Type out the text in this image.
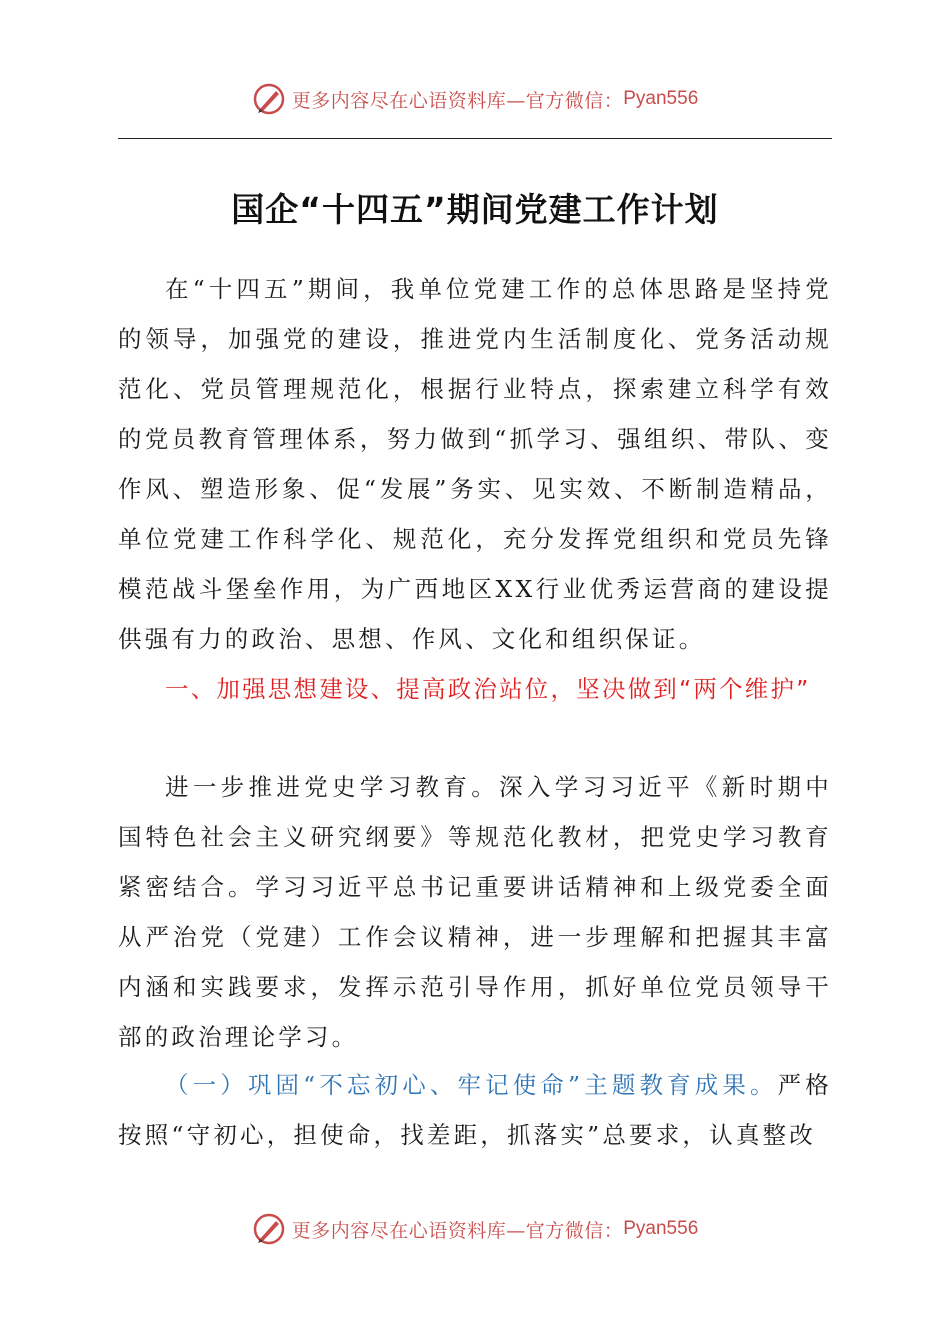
更多内容尽在心语资料库—官方微信： Pyan556
国企“十四五”期间党建工作计划

在“十四五”期间，我单位党建工作的总体思路是坚持党的领导，加强党的建设，推进党内生活制度化、党务活动规范化、党员管理规范化，根据行业特点，探索建立科学有效的党员教育管理体系，努力做到“抓学习、强组织、带队、变作风、塑造形象、促“发展”务实、见实效、不断制造精品，单位党建工作科学化、规范化，充分发挥党组织和党员先锋模范战斗堡垒作用，为广西地区XX行业优秀运营商的建设提供强有力的政治、思想、作风、文化和组织保证。

一、加强思想建设、提高政治站位，坚决做到“两个维护”

进一步推进党史学习教育。深入学习习近平《新时期中国特色社会主义研究纲要》等规范化教材，把党史学习教育紧密结合。学习习近平总书记重要讲话精神和上级党委全面从严治党（党建）工作会议精神，进一步理解和把握其丰富内涵和实践要求，发挥示范引导作用，抓好单位党员领导干部的政治理论学习。

（一）巩固“不忘初心、牢记使命”主题教育成果。严格按照“守初心，担使命，找差距，抓落实”总要求，认真整改

更多内容尽在心语资料库—官方微信： Pyan556
